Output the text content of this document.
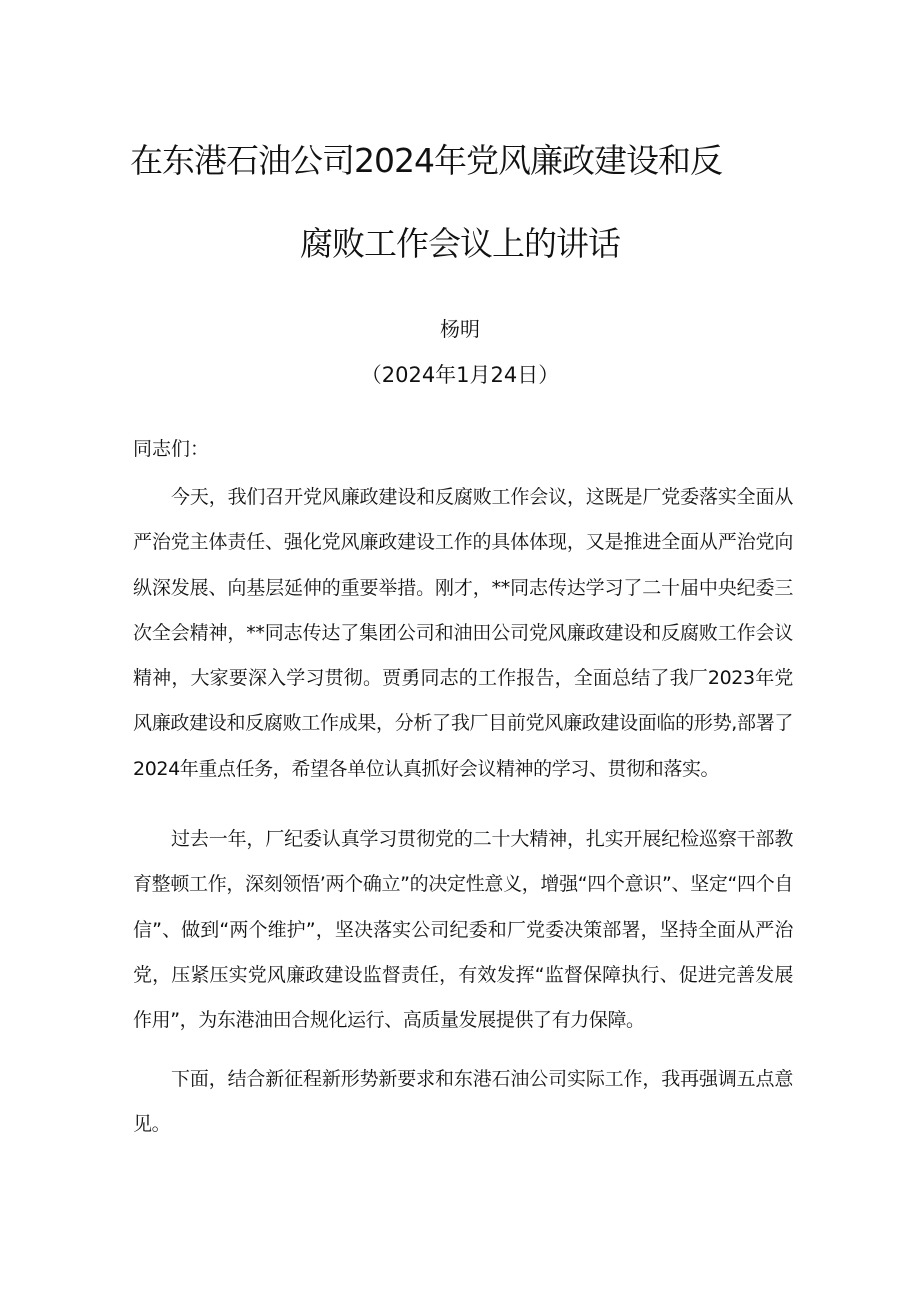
在东港石油公司2024年党风廉政建设和反
腐败工作会议上的讲话
杨明
（2024年1月24日）
同志们：

今天，我们召开党风廉政建设和反腐败工作会议，这既是厂党委落实全面从严治党主体责任、强化党风廉政建设工作的具体体现，又是推进全面从严治党向纵深发展、向基层延伸的重要举措。刚才，**同志传达学习了二十届中央纪委三次全会精神，**同志传达了集团公司和油田公司党风廉政建设和反腐败工作会议精神，大家要深入学习贯彻。贾勇同志的工作报告，全面总结了我厂2023年党风廉政建设和反腐败工作成果，分析了我厂目前党风廉政建设面临的形势,部署了2024年重点任务，希望各单位认真抓好会议精神的学习、贯彻和落实。

过去一年，厂纪委认真学习贯彻党的二十大精神，扎实开展纪检巡察干部教育整顿工作，深刻领悟’两个确立”的决定性意义，增强“四个意识”、坚定“四个自信”、做到“两个维护”，坚决落实公司纪委和厂党委决策部署，坚持全面从严治党，压紧压实党风廉政建设监督责任，有效发挥“监督保障执行、促进完善发展作用”，为东港油田合规化运行、高质量发展提供了有力保障。

下面，结合新征程新形势新要求和东港石油公司实际工作，我再强调五点意见。
